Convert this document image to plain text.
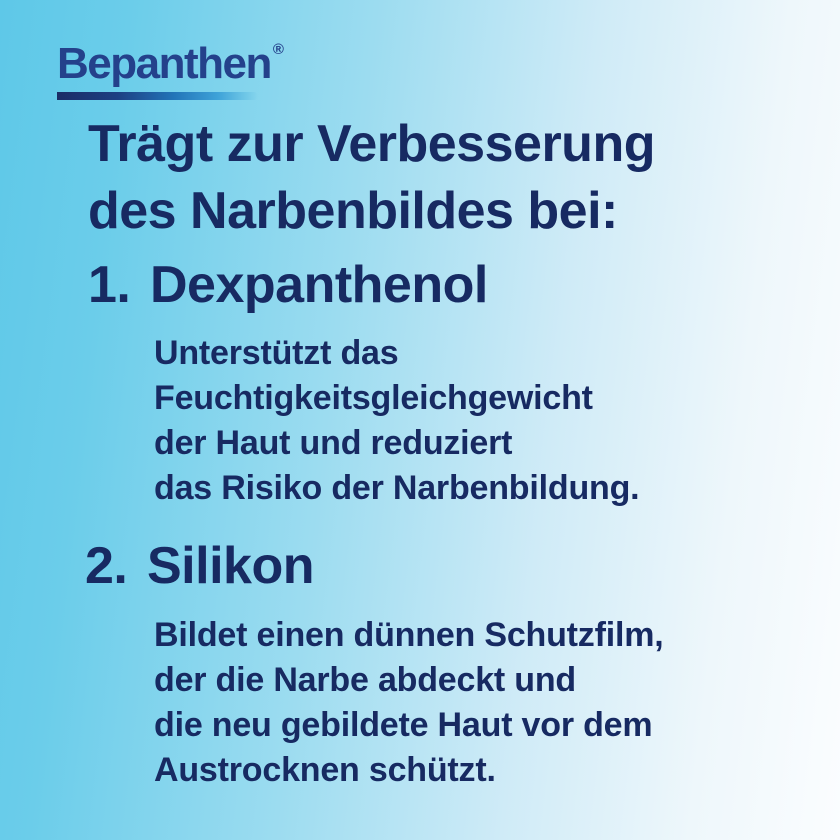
Bepanthen ®
Trägt zur Verbesserung
des Narbenbildes bei:
1. Dexpanthenol
Unterstützt das
Feuchtigkeitsgleichgewicht
der Haut und reduziert
das Risiko der Narbenbildung.
2. Silikon
Bildet einen dünnen Schutzfilm,
der die Narbe abdeckt und
die neu gebildete Haut vor dem
Austrocknen schützt.
